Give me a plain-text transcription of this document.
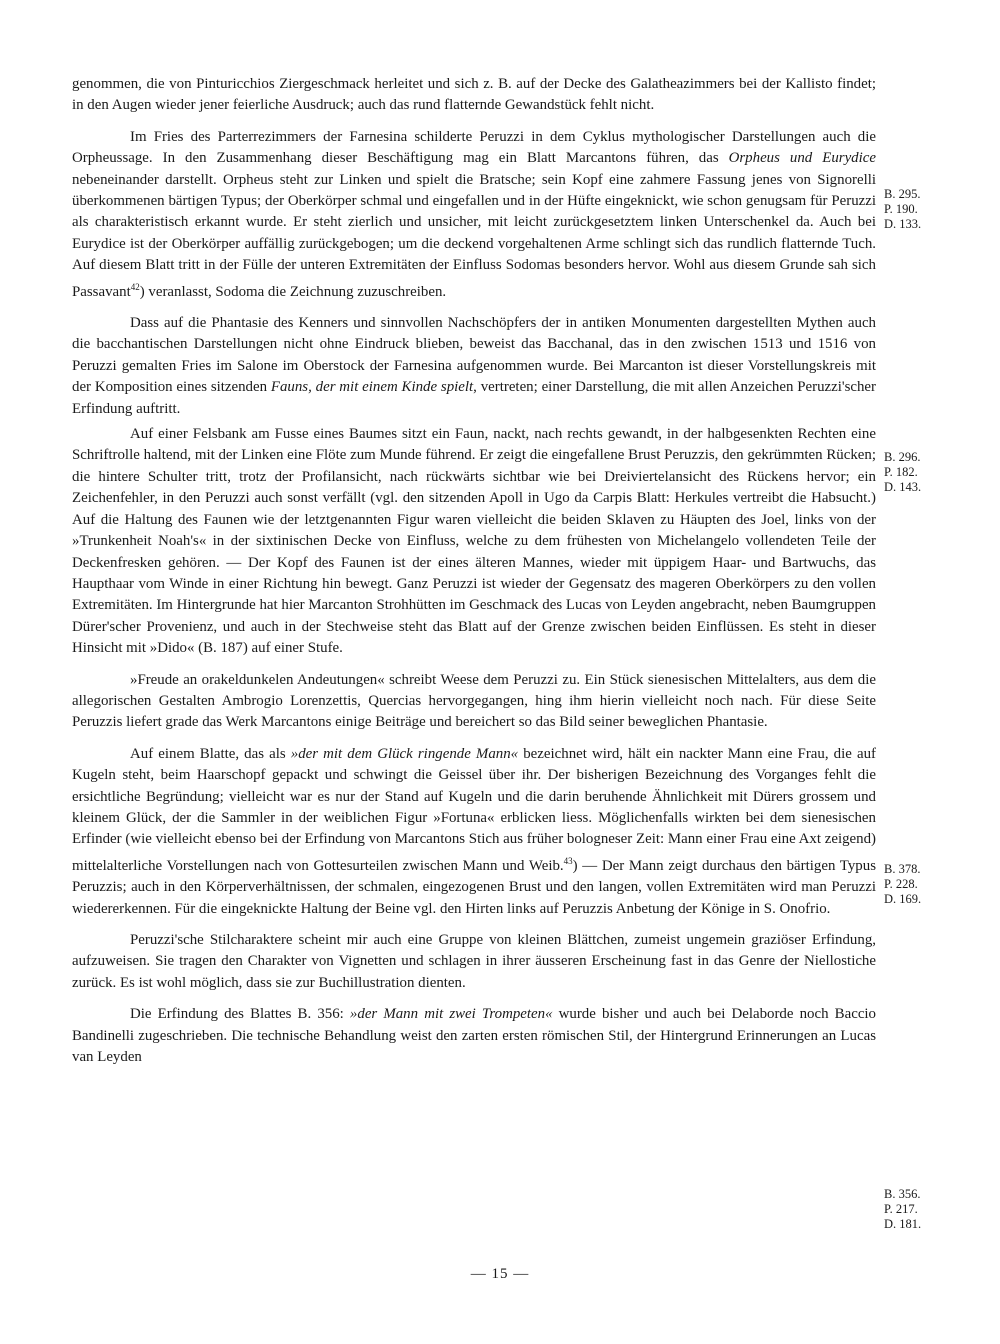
genommen, die von Pinturicchios Ziergeschmack herleitet und sich z. B. auf der Decke des Galatheazimmers bei der Kallisto findet; in den Augen wieder jener feierliche Ausdruck; auch das rund flatternde Gewandstück fehlt nicht.

Im Fries des Parterrezimmers der Farnesina schilderte Peruzzi in dem Cyklus mythologischer Darstellungen auch die Orpheussage. In den Zusammenhang dieser Beschäftigung mag ein Blatt Marcantons führen, das Orpheus und Eurydice nebeneinander darstellt. Orpheus steht zur Linken und spielt die Bratsche; sein Kopf eine zahmere Fassung jenes von Signorelli überkommenen bärtigen Typus; der Oberkörper schmal und eingefallen und in der Hüfte eingeknickt, wie schon genugsam für Peruzzi als charakteristisch erkannt wurde. Er steht zierlich und unsicher, mit leicht zurückgesetztem linken Unterschenkel da. Auch bei Eurydice ist der Oberkörper auffällig zurückgebogen; um die deckend vorgehaltenen Arme schlingt sich das rundlich flatternde Tuch. Auf diesem Blatt tritt in der Fülle der unteren Extremitäten der Einfluss Sodomas besonders hervor. Wohl aus diesem Grunde sah sich Passavant$^{42}$) veranlasst, Sodoma die Zeichnung zuzuschreiben.

Dass auf die Phantasie des Kenners und sinnvollen Nachschöpfers der in antiken Monumenten dargestellten Mythen auch die bacchantischen Darstellungen nicht ohne Eindruck blieben, beweist das Bacchanal, das in den zwischen 1513 und 1516 von Peruzzi gemalten Fries im Salone im Oberstock der Farnesina aufgenommen wurde. Bei Marcanton ist dieser Vorstellungskreis mit der Komposition eines sitzenden Fauns, der mit einem Kinde spielt, vertreten; einer Darstellung, die mit allen Anzeichen Peruzzi'scher Erfindung auftritt.

Auf einer Felsbank am Fusse eines Baumes sitzt ein Faun, nackt, nach rechts gewandt, in der halbgesenkten Rechten eine Schriftrolle haltend, mit der Linken eine Flöte zum Munde führend. Er zeigt die eingefallene Brust Peruzzis, den gekrümmten Rücken; die hintere Schulter tritt, trotz der Profilansicht, nach rückwärts sichtbar wie bei Dreiviertelansicht des Rückens hervor; ein Zeichenfehler, in den Peruzzi auch sonst verfällt (vgl. den sitzenden Apoll in Ugo da Carpis Blatt: Herkules vertreibt die Habsucht.) Auf die Haltung des Faunen wie der letztgenannten Figur waren vielleicht die beiden Sklaven zu Häupten des Joel, links von der »Trunkenheit Noah's« in der sixtinischen Decke von Einfluss, welche zu dem frühesten von Michelangelo vollendeten Teile der Deckenfresken gehören. — Der Kopf des Faunen ist der eines älteren Mannes, wieder mit üppigem Haar- und Bartwuchs, das Haupthaar vom Winde in einer Richtung hin bewegt. Ganz Peruzzi ist wieder der Gegensatz des mageren Oberkörpers zu den vollen Extremitäten. Im Hintergrunde hat hier Marcanton Strohhütten im Geschmack des Lucas von Leyden angebracht, neben Baumgruppen Dürer'scher Provenienz, und auch in der Stechweise steht das Blatt auf der Grenze zwischen beiden Einflüssen. Es steht in dieser Hinsicht mit »Dido« (B. 187) auf einer Stufe.

»Freude an orakeldunkelen Andeutungen« schreibt Weese dem Peruzzi zu. Ein Stück sienesischen Mittelalters, aus dem die allegorischen Gestalten Ambrogio Lorenzettis, Quercias hervorgegangen, hing ihm hierin vielleicht noch nach. Für diese Seite Peruzzis liefert grade das Werk Marcantons einige Beiträge und bereichert so das Bild seiner beweglichen Phantasie.

Auf einem Blatte, das als »der mit dem Glück ringende Mann« bezeichnet wird, hält ein nackter Mann eine Frau, die auf Kugeln steht, beim Haarschopf gepackt und schwingt die Geissel über ihr. Der bisherigen Bezeichnung des Vorganges fehlt die ersichtliche Begründung; vielleicht war es nur der Stand auf Kugeln und die darin beruhende Ähnlichkeit mit Dürers grossem und kleinem Glück, der die Sammler in der weiblichen Figur »Fortuna« erblicken liess. Möglichenfalls wirkten bei dem sienesischen Erfinder (wie vielleicht ebenso bei der Erfindung von Marcantons Stich aus früher bologneser Zeit: Mann einer Frau eine Axt zeigend) mittelalterliche Vorstellungen nach von Gottesurteilen zwischen Mann und Weib.$^{43}$) — Der Mann zeigt durchaus den bärtigen Typus Peruzzis; auch in den Körperverhältnissen, der schmalen, eingezogenen Brust und den langen, vollen Extremitäten wird man Peruzzi wiedererkennen. Für die eingeknickte Haltung der Beine vgl. den Hirten links auf Peruzzis Anbetung der Könige in S. Onofrio.

Peruzzi'sche Stilcharaktere scheint mir auch eine Gruppe von kleinen Blättchen, zumeist ungemein graziöser Erfindung, aufzuweisen. Sie tragen den Charakter von Vignetten und schlagen in ihrer äusseren Erscheinung fast in das Genre der Niellostiche zurück. Es ist wohl möglich, dass sie zur Buchillustration dienten.

Die Erfindung des Blattes B. 356: »der Mann mit zwei Trompeten« wurde bisher und auch bei Delaborde noch Baccio Bandinelli zugeschrieben. Die technische Behandlung weist den zarten ersten römischen Stil, der Hintergrund Erinnerungen an Lucas van Leyden

B. 295.
P. 190.
D. 133.
B. 296.
P. 182.
D. 143.
B. 378.
P. 228.
D. 169.
B. 356.
P. 217.
D. 181.
— 15 —
